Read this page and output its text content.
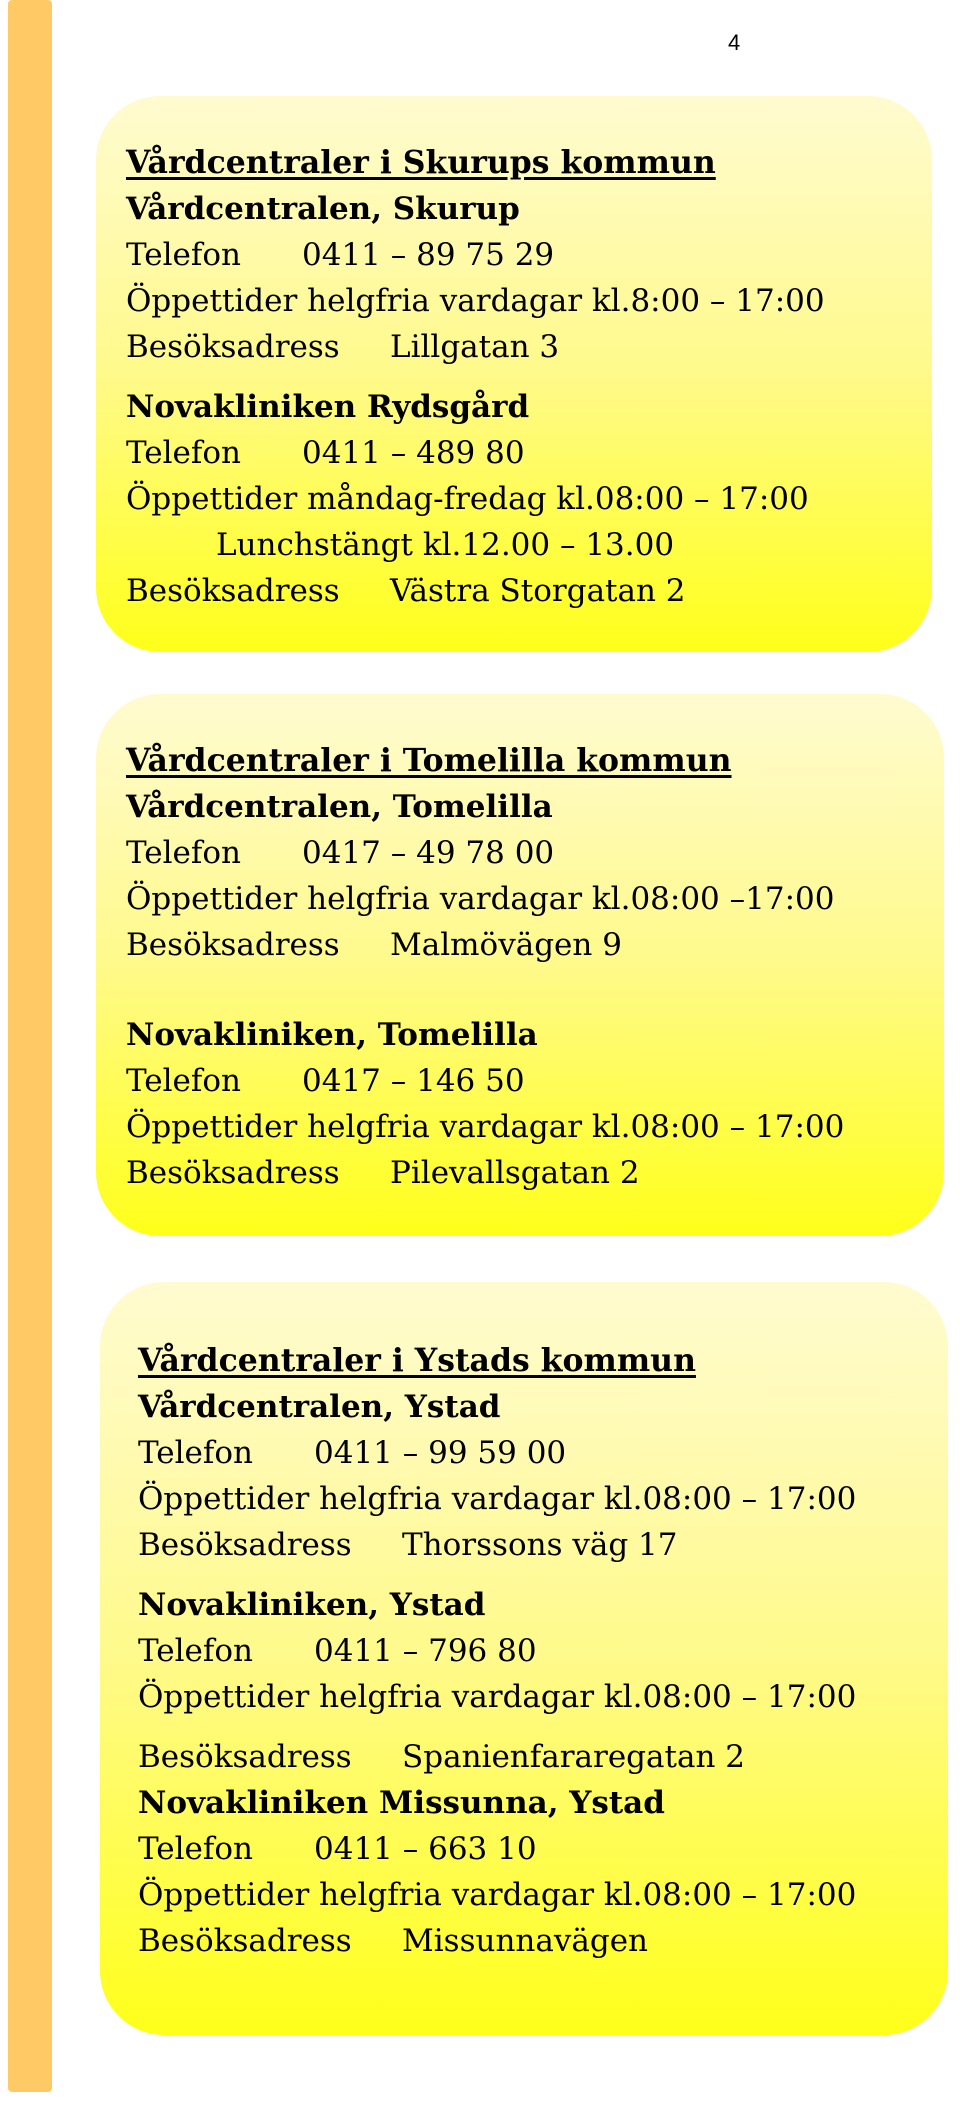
4
Vårdcentraler i Skurups kommun
Vårdcentralen, Skurup
Telefon 0411 – 89 75 29
Öppettider helgfria vardagar kl.8:00 – 17:00
Besöksadress Lillgatan 3
Novakliniken Rydsgård
Telefon 0411 – 489 80
Öppettider måndag-fredag kl.08:00 – 17:00
Lunchstängt kl.12.00 – 13.00
Besöksadress Västra Storgatan 2
Vårdcentraler i Tomelilla kommun
Vårdcentralen, Tomelilla
Telefon 0417 – 49 78 00
Öppettider helgfria vardagar kl.08:00 –17:00
Besöksadress Malmövägen 9
Novakliniken, Tomelilla
Telefon 0417 – 146 50
Öppettider helgfria vardagar kl.08:00 – 17:00
Besöksadress Pilevallsgatan 2
Vårdcentraler i Ystads kommun
Vårdcentralen, Ystad
Telefon 0411 – 99 59 00
Öppettider helgfria vardagar kl.08:00 – 17:00
Besöksadress Thorssons väg 17
Novakliniken, Ystad
Telefon 0411 – 796 80
Öppettider helgfria vardagar kl.08:00 – 17:00
Besöksadress Spanienfararegatan 2
Novakliniken Missunna, Ystad
Telefon 0411 – 663 10
Öppettider helgfria vardagar kl.08:00 – 17:00
Besöksadress Missunnavägen
